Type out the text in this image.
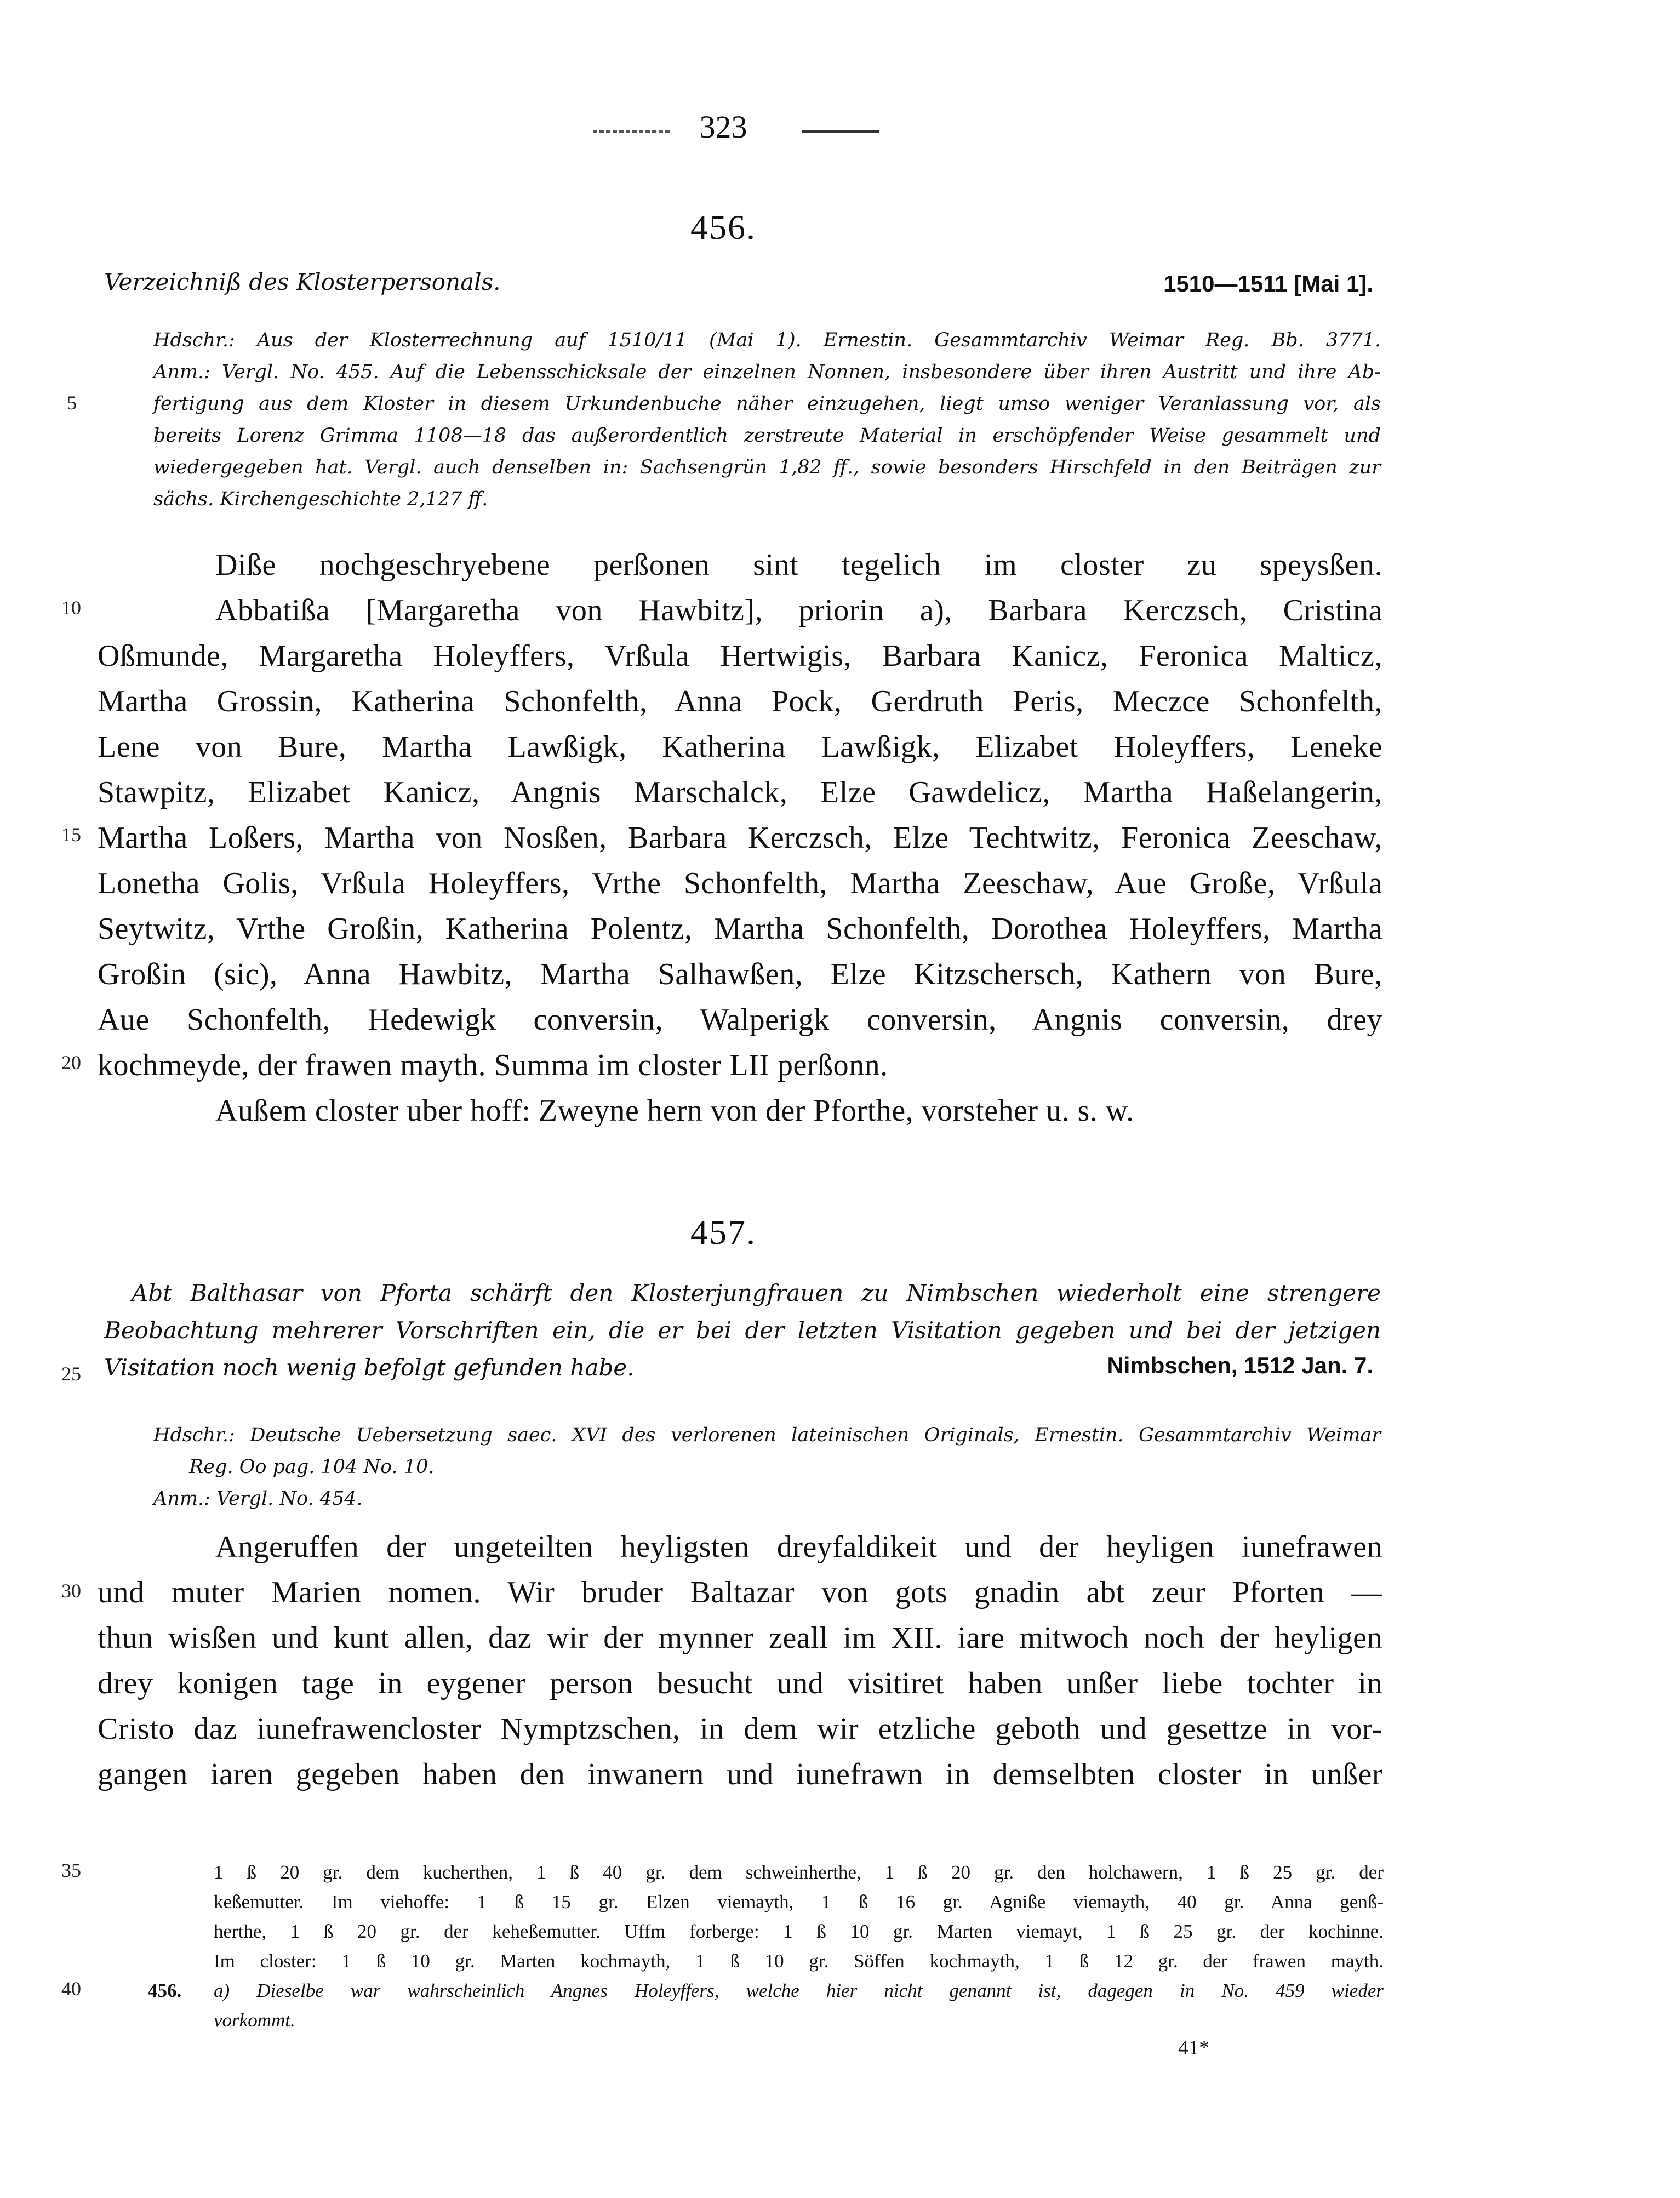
323
456.
Verzeichniß des Klosterpersonals.	1510—1511 [Mai 1].
Hdschr.: Aus der Klosterrechnung auf 1510/11 (Mai 1). Ernestin. Gesammtarchiv Weimar Reg. Bb. 3771.
Anm.: Vergl. No. 455. Auf die Lebensschicksale der einzelnen Nonnen, insbesondere über ihren Austritt und ihre Ab-
fertigung aus dem Kloster in diesem Urkundenbuche näher einzugehen, liegt umso weniger Veranlassung vor, als
bereits Lorenz Grimma 1108—18 das außerordentlich zerstreute Material in erschöpfender Weise gesammelt und
wiedergegeben hat. Vergl. auch denselben in: Sachsengrün 1,82 ff., sowie besonders Hirschfeld in den Beiträgen zur
sächs. Kirchengeschichte 2,127 ff.
Diße nochgeschryebene perßonen sint tegelich im closter zu speysßen.
Abbatißa [Margaretha von Hawbitz], priorin a), Barbara Kerczsch, Cristina
Oßmunde, Margaretha Holeyffers, Vrßula Hertwigis, Barbara Kanicz, Feronica Malticz,
Martha Grossin, Katherina Schonfelth, Anna Pock, Gerdruth Peris, Meczce Schonfelth,
Lene von Bure, Martha Lawßigk, Katherina Lawßigk, Elizabet Holeyffers, Leneke
Stawpitz, Elizabet Kanicz, Angnis Marschalck, Elze Gawdelicz, Martha Haßelangerin,
Martha Loßers, Martha von Nosßen, Barbara Kerczsch, Elze Techtwitz, Feronica Zeeschaw,
Lonetha Golis, Vrßula Holeyffers, Vrthe Schonfelth, Martha Zeeschaw, Aue Große, Vrßula
Seytwitz, Vrthe Großin, Katherina Polentz, Martha Schonfelth, Dorothea Holeyffers, Martha
Großin (sic), Anna Hawbitz, Martha Salhawßen, Elze Kitzschersch, Kathern von Bure,
Aue Schonfelth, Hedewigk conversin, Walperigk conversin, Angnis conversin, drey
kochmeyde, der frawen mayth. Summa im closter LII perßonn.
Außem closter uber hoff: Zweyne hern von der Pforthe, vorsteher u. s. w.
457.
Abt Balthasar von Pforta schärft den Klosterjungfrauen zu Nimbschen wiederholt eine strengere
Beobachtung mehrerer Vorschriften ein, die er bei der letzten Visitation gegeben und bei der jetzigen
Visitation noch wenig befolgt gefunden habe.	Nimbschen, 1512 Jan. 7.
Hdschr.: Deutsche Uebersetzung saec. XVI des verlorenen lateinischen Originals, Ernestin. Gesammtarchiv Weimar
Reg. Oo pag. 104 No. 10.
Anm.: Vergl. No. 454.
Angeruffen der ungeteilten heyligsten dreyfaldikeit und der heyligen iunefrawen
und muter Marien nomen. Wir bruder Baltazar von gots gnadin abt zeur Pforten —
thun wisßen und kunt allen, daz wir der mynner zeall im XII. iare mitwoch noch der heyligen
drey konigen tage in eygener person besucht und visitiret haben unßer liebe tochter in
Cristo daz iunefrawencloster Nymptzschen, in dem wir etzliche geboth und gesettze in vor-
gangen iaren gegeben haben den inwanern und iunefrawn in demselbten closter in unßer
1 ß 20 gr. dem kucherthen, 1 ß 40 gr. dem schweinherthe, 1 ß 20 gr. den holchawern, 1 ß 25 gr. der
keßemutter. Im viehoffe: 1 ß 15 gr. Elzen viemayth, 1 ß 16 gr. Agniße viemayth, 40 gr. Anna genß-
herthe, 1 ß 20 gr. der keheßemutter. Uffm forberge: 1 ß 10 gr. Marten viemayt, 1 ß 25 gr. der kochinne.
Im closter: 1 ß 10 gr. Marten kochmayth, 1 ß 10 gr. Söffen kochmayth, 1 ß 12 gr. der frawen mayth.
456.	a) Dieselbe war wahrscheinlich Angnes Holeyffers, welche hier nicht genannt ist, dagegen in No. 459 wieder
vorkommt.
41*
5
10
15
20
25
30
35
40
